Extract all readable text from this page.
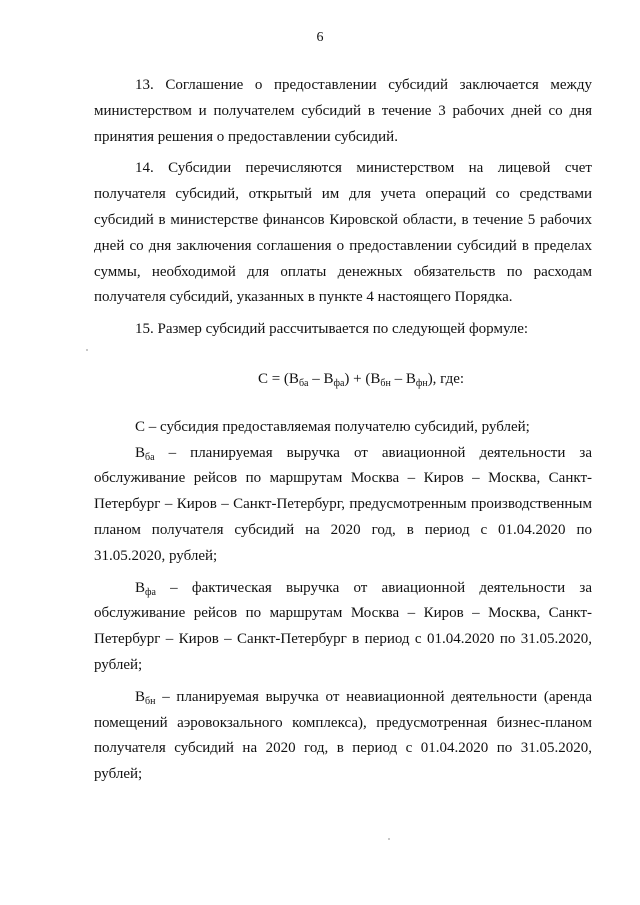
6

13. Соглашение о предоставлении субсидий заключается между министерством и получателем субсидий в течение 3 рабочих дней со дня принятия решения о предоставлении субсидий.

14. Субсидии перечисляются министерством на лицевой счет получателя субсидий, открытый им для учета операций со средствами субсидий в министерстве финансов Кировской области, в течение 5 рабочих дней со дня заключения соглашения о предоставлении субсидий в пределах суммы, необходимой для оплаты денежных обязательств по расходам получателя субсидий, указанных в пункте 4 настоящего Порядка.

15. Размер субсидий рассчитывается по следующей формуле:

$С = (В_{ба} - В_{фа}) + (В_{бн} - В_{фн})$, где:

С – субсидия предоставляемая получателю субсидий, рублей;

$В_{ба}$ – планируемая выручка от авиационной деятельности за обслуживание рейсов по маршрутам Москва – Киров – Москва, Санкт-Петербург – Киров – Санкт-Петербург, предусмотренным производственным планом получателя субсидий на 2020 год, в период с 01.04.2020 по 31.05.2020, рублей;

$В_{фа}$ – фактическая выручка от авиационной деятельности за обслуживание рейсов по маршрутам Москва – Киров – Москва, Санкт-Петербург – Киров – Санкт-Петербург в период с 01.04.2020 по 31.05.2020, рублей;

$В_{бн}$ – планируемая выручка от неавиационной деятельности (аренда помещений аэровокзального комплекса), предусмотренная бизнес-планом получателя субсидий на 2020 год, в период с 01.04.2020 по 31.05.2020, рублей;
